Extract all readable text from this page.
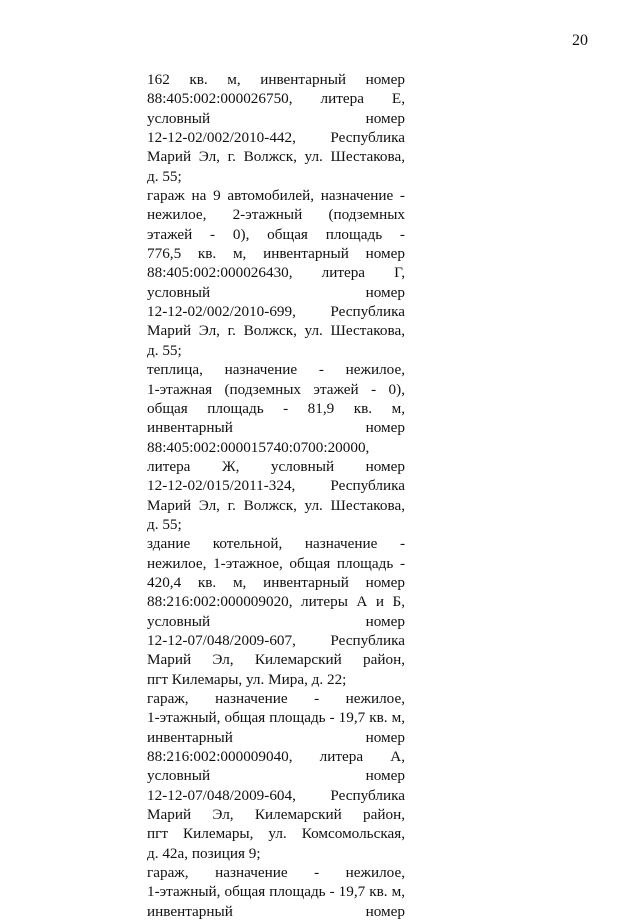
20
162 кв. м, инвентарный номер
88:405:002:000026750, литера Е,
условный номер
12-12-02/002/2010-442, Республика
Марий Эл, г. Волжск, ул. Шестакова,
д. 55;
гараж на 9 автомобилей, назначение -
нежилое, 2-этажный (подземных
этажей - 0), общая площадь -
776,5 кв. м, инвентарный номер
88:405:002:000026430, литера Г,
условный номер
12-12-02/002/2010-699, Республика
Марий Эл, г. Волжск, ул. Шестакова,
д. 55;
теплица, назначение - нежилое,
1-этажная (подземных этажей - 0),
общая площадь - 81,9 кв. м,
инвентарный номер
88:405:002:000015740:0700:20000,
литера Ж, условный номер
12-12-02/015/2011-324, Республика
Марий Эл, г. Волжск, ул. Шестакова,
д. 55;
здание котельной, назначение -
нежилое, 1-этажное, общая площадь -
420,4 кв. м, инвентарный номер
88:216:002:000009020, литеры А и Б,
условный номер
12-12-07/048/2009-607, Республика
Марий Эл, Килемарский район,
пгт Килемары, ул. Мира, д. 22;
гараж, назначение - нежилое,
1-этажный, общая площадь - 19,7 кв. м,
инвентарный номер
88:216:002:000009040, литера А,
условный номер
12-12-07/048/2009-604, Республика
Марий Эл, Килемарский район,
пгт Килемары, ул. Комсомольская,
д. 42а, позиция 9;
гараж, назначение - нежилое,
1-этажный, общая площадь - 19,7 кв. м,
инвентарный номер
